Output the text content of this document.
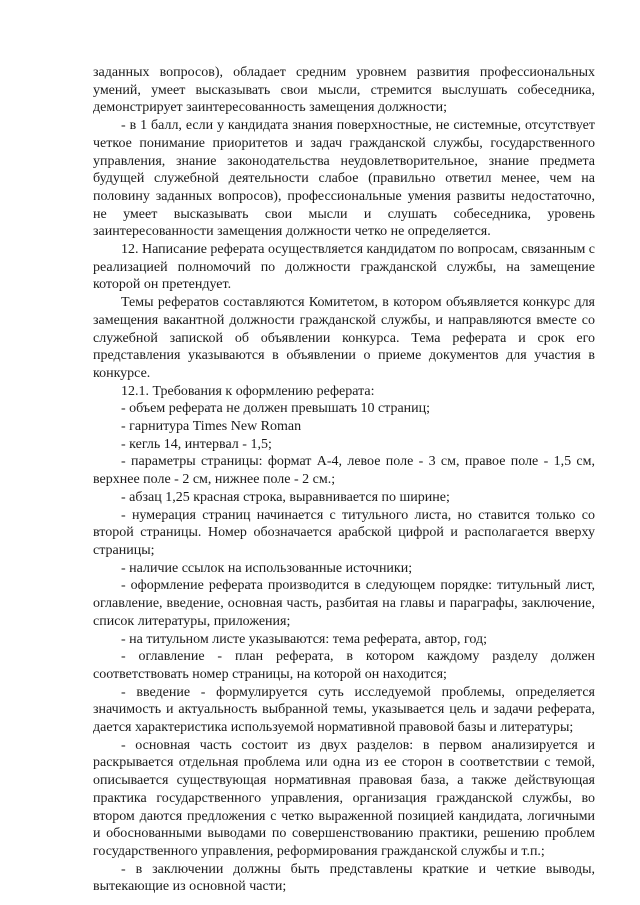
заданных вопросов), обладает средним уровнем развития профессиональных умений, умеет высказывать свои мысли, стремится выслушать собеседника, демонстрирует заинтересованность замещения должности;

- в 1 балл, если у кандидата знания поверхностные, не системные, отсутствует четкое понимание приоритетов и задач гражданской службы, государственного управления, знание законодательства неудовлетворительное, знание предмета будущей служебной деятельности слабое (правильно ответил менее, чем на половину заданных вопросов), профессиональные умения развиты недостаточно, не умеет высказывать свои мысли и слушать собеседника, уровень заинтересованности замещения должности четко не определяется.

12. Написание реферата осуществляется кандидатом по вопросам, связанным с реализацией полномочий по должности гражданской службы, на замещение которой он претендует.

Темы рефератов составляются Комитетом, в котором объявляется конкурс для замещения вакантной должности гражданской службы, и направляются вместе со служебной запиской об объявлении конкурса. Тема реферата и срок его представления указываются в объявлении о приеме документов для участия в конкурсе.

12.1. Требования к оформлению реферата:

- объем реферата не должен превышать 10 страниц;

- гарнитура Times New Roman

- кегль 14, интервал - 1,5;

- параметры страницы: формат А-4, левое поле - 3 см, правое поле - 1,5 см, верхнее поле - 2 см, нижнее поле - 2 см.;

- абзац 1,25 красная строка, выравнивается по ширине;

- нумерация страниц начинается с титульного листа, но ставится только со второй страницы. Номер обозначается арабской цифрой и располагается вверху страницы;

- наличие ссылок на использованные источники;

- оформление реферата производится в следующем порядке: титульный лист, оглавление, введение, основная часть, разбитая на главы и параграфы, заключение, список литературы, приложения;

- на титульном листе указываются: тема реферата, автор, год;

- оглавление - план реферата, в котором каждому разделу должен соответствовать номер страницы, на которой он находится;

- введение - формулируется суть исследуемой проблемы, определяется значимость и актуальность выбранной темы, указывается цель и задачи реферата, дается характеристика используемой нормативной правовой базы и литературы;

- основная часть состоит из двух разделов: в первом анализируется и раскрывается отдельная проблема или одна из ее сторон в соответствии с темой, описывается существующая нормативная правовая база, а также действующая практика государственного управления, организация гражданской службы, во втором даются предложения с четко выраженной позицией кандидата, логичными и обоснованными выводами по совершенствованию практики, решению проблем государственного управления, реформирования гражданской службы и т.п.;

- в заключении должны быть представлены краткие и четкие выводы, вытекающие из основной части;
